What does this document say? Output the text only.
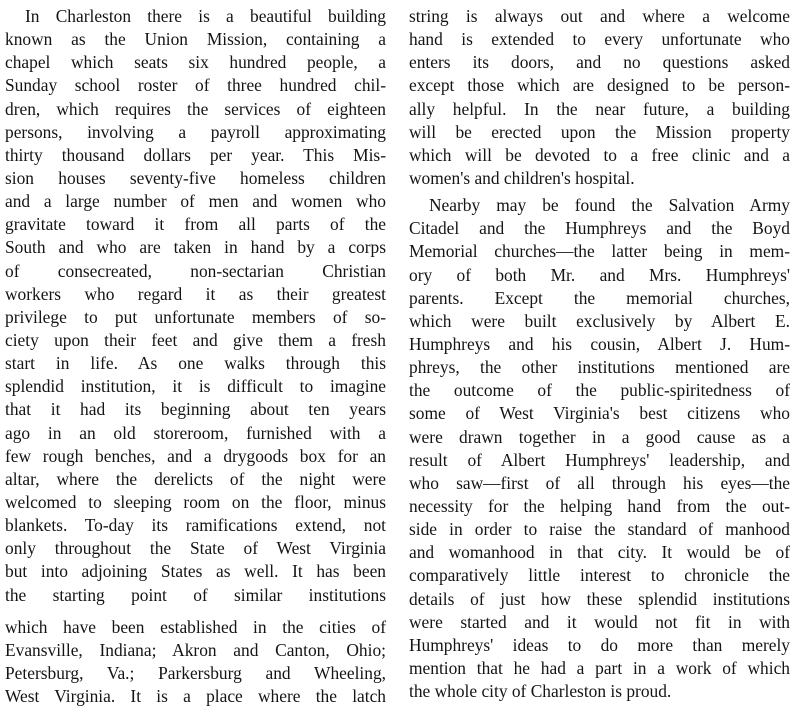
In Charleston there is a beautiful building
known as the Union Mission, containing a
chapel which seats six hundred people, a
Sunday school roster of three hundred chil-
dren, which requires the services of eighteen
persons, involving a payroll approximating
thirty thousand dollars per year. This Mis-
sion houses seventy-five homeless children
and a large number of men and women who
gravitate toward it from all parts of the
South and who are taken in hand by a corps
of consecreated, non-sectarian Christian
workers who regard it as their greatest
privilege to put unfortunate members of so-
ciety upon their feet and give them a fresh
start in life. As one walks through this
splendid institution, it is difficult to imagine
that it had its beginning about ten years
ago in an old storeroom, furnished with a
few rough benches, and a drygoods box for an
altar, where the derelicts of the night were
welcomed to sleeping room on the floor, minus
blankets. To-day its ramifications extend, not
only throughout the State of West Virginia
but into adjoining States as well. It has been
the starting point of similar institutions
which have been established in the cities of
Evansville, Indiana; Akron and Canton, Ohio;
Petersburg, Va.; Parkersburg and Wheeling,
West Virginia. It is a place where the latch
string is always out and where a welcome
hand is extended to every unfortunate who
enters its doors, and no questions asked
except those which are designed to be person-
ally helpful. In the near future, a building
will be erected upon the Mission property
which will be devoted to a free clinic and a
women's and children's hospital.
Nearby may be found the Salvation Army
Citadel and the Humphreys and the Boyd
Memorial churches—the latter being in mem-
ory of both Mr. and Mrs. Humphreys'
parents. Except the memorial churches,
which were built exclusively by Albert E.
Humphreys and his cousin, Albert J. Hum-
phreys, the other institutions mentioned are
the outcome of the public-spiritedness of
some of West Virginia's best citizens who
were drawn together in a good cause as a
result of Albert Humphreys' leadership, and
who saw—first of all through his eyes—the
necessity for the helping hand from the out-
side in order to raise the standard of manhood
and womanhood in that city. It would be of
comparatively little interest to chronicle the
details of just how these splendid institutions
were started and it would not fit in with
Humphreys' ideas to do more than merely
mention that he had a part in a work of which
the whole city of Charleston is proud.
